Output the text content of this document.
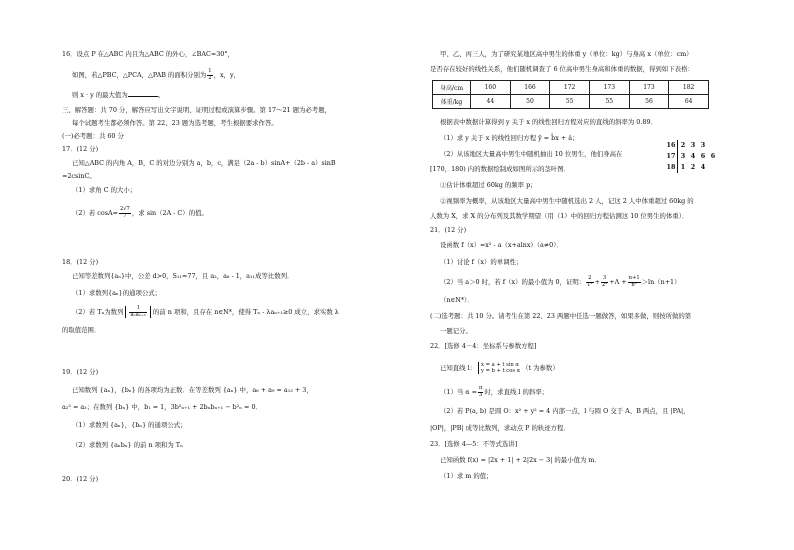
16．设点 P 在△ABC 内且为△ABC 的外心，∠BAC=30°，
如图，若△PBC，△PCA，△PAB 的面积分别为 $\frac{1}{2}$ ，x，y，
则 x · y 的最大值为	。
三、解答题：共 70 分，解答应写出文字说明、证明过程或演算步骤。第 17～21 题为必考题，
每个试题考生都必须作答。第 22、23 题为选考题，考生根据要求作答。
(一)必考题：共 60 分
17．(12 分)
已知△ABC 的内角 A，B，C 的对边分别为 a，b，c，满足（2a - b）sinA+（2b - a）sinB
=2csinC。
（1）求角 C 的大小；
（2）若 $\cos A= \frac{2√7}{7}$ ，求 sin（2A - C）的值。
18．(12 分)
已知等差数列{aₙ}中，公差 d>0，S₁₁=77，且 a₂，a₆ - 1，a₁₁成等比数列．
（1）求数列{aₙ}的通项公式；
（2）若 Tₙ为数列 $\frac{1}{\text{aₙaₙ₊₁}}$ 的前 n 项和，且存在 n∈N*，使得 Tₙ - λaₙ₊₁≥0 成立，求实数 λ
的取值范围．
19．(12 分)
已知数列 {aₙ}，{bₙ} 的各项均为正数．在等差数列 {aₙ} 中，a₆ + a₉ = a₁₃ + 3，
a₂² = a₃；在数列 {bₙ} 中，b₁ = 1，3b²ₙ₊₁ + 2bₙbₙ₊₁ − b²ₙ = 0．
（1）求数列 {aₙ}，{bₙ} 的通项公式；
（2）求数列 {aₙbₙ} 的前 n 项和为 Tₙ
20．(12 分)
甲、乙、丙三人，为了研究某地区高中男生的体重 y（单位：kg）与身高 x（单位：cm）
是否存在较好的线性关系，他们随机调查了 6 位高中男生身高和体重的数据，得到如下表格：
身高/cm	160	166	172	173	173	182
体重/kg	44	50	55	55	56	64
根据表中数据计算得到 y 关于 x 的线性回归方程对应的直线的斜率为 0.89．
（1）求 y 关于 x 的线性回归方程 ŷ = b̂x + â；
（2）从该地区大量高中男生中随机抽出 10 位男生，他们身高在
[170，180) 内的数据绘制成如图所示的茎叶图．
16 2 3 3
17 3 4 6 6
18 1 2 4
①估计体重超过 60kg 的频率 p；
②视频率为概率，从该地区大量高中男生中随机选出 2 人，记这 2 人中体重超过 60kg 的
人数为 X，求 X 的分布列及其数学期望（用（1）中的回归方程估测这 10 位男生的体重）．
21．(12 分)
设函数 f（x）=x² - a（x+alnx）（a≠0）．
（1）讨论 f（x）的单调性；
（2）当 a＞0 时，若 f（x）的最小值为 0，证明： $\frac{2}{\text{1²}} + \frac{3}{\text{2²}} +\Lambda + \frac{n+1}{\text{n²}} >\ln(n+1)$
（n∈N*）．
(二)选考题：共 10 分。请考生在第 22、23 两题中任选一题做答，如果多做，则按所做的第
一题记分。
22．[选修 4－4：坐标系与参数方程]
已知直线 l： x = a + t sin α
y = b + t cos α （t 为参数）
（1）当 $\alpha = \frac{\pi}{3}$ 时，求直线 l 的斜率；
（2）若 P(a, b) 是圆 O：x² + y² = 4 内部一点，l 与圆 O 交于 A、B 两点，且 |PA|，
|OP|，|PB| 成等比数列，求动点 P 的轨迹方程．
23．[选修 4—5：不等式选讲]
已知函数 f(x) = |2x + 1| + 2|2x − 3| 的最小值为 m．
（1）求 m 的值；
